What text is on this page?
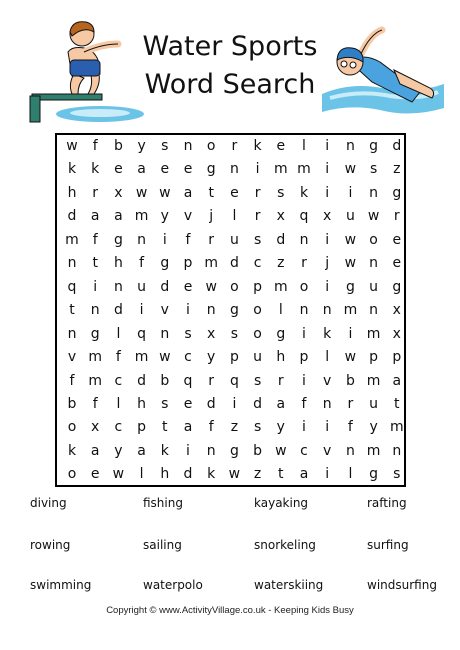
Water Sports
Word Search
w	f	b	y	s	n	o	r	k	e	l	i	n	g	d
k	k	e	a	e	e	g	n	i	m m	i	w s	z
h	r	x w w a	t	e	r	s	k	i	i	n	g
d	a	a m y	v	j	l	r	x	q	x	u w	r
m f	g	n	i	f	r	u	s	d	n	i	w o	e
n	t	h	f	g	p m d	c	z	r	j	w n	e
q	i	n	u	d	e w o	p m o	i	g	u	g
t	n	d	i	v	i	n	g	o	l	n	n m n	x
n	g	l	q	n	s	x	s	o	g	i	k	i	m x
v m f m w c	y	p	u	h	p	l	w p	p
f m c	d	b	q	r	q	s	r	i	v	b m a
b	f	l	h	s	e	d	i	d	a	f	n	r	u	t
o	x	c	p	t	a	f	z	s	y	i	i	f	y m
k	a	y	a	k	i	n	g	b w c	v	n m n
o	e w	l	h	d	k w z	t	a	i	l	g	s
diving	fishing	kayaking	rafting
rowing	sailing	snorkeling	surfing
swimming	waterpolo	waterskiing	windsurfing
Copyright © www.ActivityVillage.co.uk - Keeping Kids Busy
